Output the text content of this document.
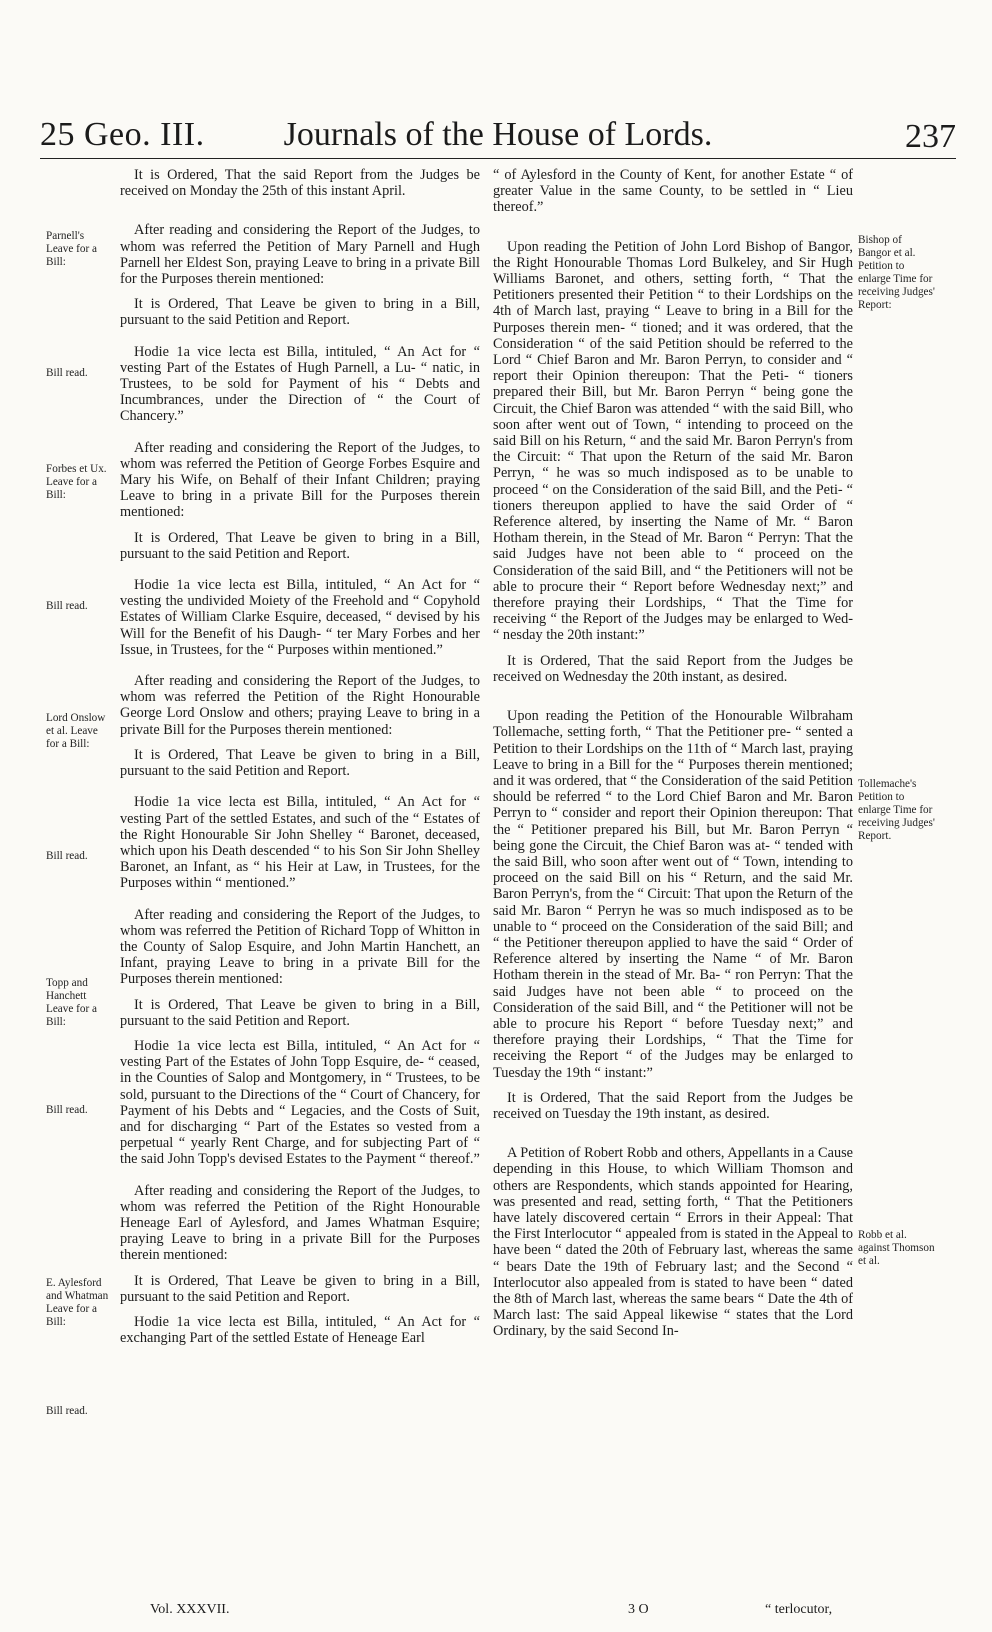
25 Geo. III.	Journals of the House of Lords.	237
Parnell's Leave for a Bill:
Bill read.
Forbes et Ux. Leave for a Bill:
Bill read.
Lord Onslow et al. Leave for a Bill:
Bill read.
Topp and Hanchett Leave for a Bill:
Bill read.
E. Aylesford and Whatman Leave for a Bill:
Bill read.
Bishop of Bangor et al. Petition to enlarge Time for receiving Judges' Report:
Tollemache's Petition to enlarge Time for receiving Judges' Report.
Robb et al. against Thomson et al.

It is Ordered, That the said Report from the Judges be received on Monday the 25th of this instant April.

After reading and considering the Report of the Judges, to whom was referred the Petition of Mary Parnell and Hugh Parnell her Eldest Son, praying Leave to bring in a private Bill for the Purposes therein mentioned:

It is Ordered, That Leave be given to bring in a Bill, pursuant to the said Petition and Report.

Hodie 1a vice lecta est Billa, intituled, “ An Act for “ vesting Part of the Estates of Hugh Parnell, a Lu- “ natic, in Trustees, to be sold for Payment of his “ Debts and Incumbrances, under the Direction of “ the Court of Chancery.”

After reading and considering the Report of the Judges, to whom was referred the Petition of George Forbes Esquire and Mary his Wife, on Behalf of their Infant Children; praying Leave to bring in a private Bill for the Purposes therein mentioned:

It is Ordered, That Leave be given to bring in a Bill, pursuant to the said Petition and Report.

Hodie 1a vice lecta est Billa, intituled, “ An Act for “ vesting the undivided Moiety of the Freehold and “ Copyhold Estates of William Clarke Esquire, deceased, “ devised by his Will for the Benefit of his Daugh- “ ter Mary Forbes and her Issue, in Trustees, for the “ Purposes within mentioned.”

After reading and considering the Report of the Judges, to whom was referred the Petition of the Right Honourable George Lord Onslow and others; praying Leave to bring in a private Bill for the Purposes therein mentioned:

It is Ordered, That Leave be given to bring in a Bill, pursuant to the said Petition and Report.

Hodie 1a vice lecta est Billa, intituled, “ An Act for “ vesting Part of the settled Estates, and such of the “ Estates of the Right Honourable Sir John Shelley “ Baronet, deceased, which upon his Death descended “ to his Son Sir John Shelley Baronet, an Infant, as “ his Heir at Law, in Trustees, for the Purposes within “ mentioned.”

After reading and considering the Report of the Judges, to whom was referred the Petition of Richard Topp of Whitton in the County of Salop Esquire, and John Martin Hanchett, an Infant, praying Leave to bring in a private Bill for the Purposes therein mentioned:

It is Ordered, That Leave be given to bring in a Bill, pursuant to the said Petition and Report.

Hodie 1a vice lecta est Billa, intituled, “ An Act for “ vesting Part of the Estates of John Topp Esquire, de- “ ceased, in the Counties of Salop and Montgomery, in “ Trustees, to be sold, pursuant to the Directions of the “ Court of Chancery, for Payment of his Debts and “ Legacies, and the Costs of Suit, and for discharging “ Part of the Estates so vested from a perpetual “ yearly Rent Charge, and for subjecting Part of “ the said John Topp's devised Estates to the Payment “ thereof.”

After reading and considering the Report of the Judges, to whom was referred the Petition of the Right Honourable Heneage Earl of Aylesford, and James Whatman Esquire; praying Leave to bring in a private Bill for the Purposes therein mentioned:

It is Ordered, That Leave be given to bring in a Bill, pursuant to the said Petition and Report.

Hodie 1a vice lecta est Billa, intituled, “ An Act for “ exchanging Part of the settled Estate of Heneage Earl

“ of Aylesford in the County of Kent, for another Estate “ of greater Value in the same County, to be settled in “ Lieu thereof.”

Upon reading the Petition of John Lord Bishop of Bangor, the Right Honourable Thomas Lord Bulkeley, and Sir Hugh Williams Baronet, and others, setting forth, “ That the Petitioners presented their Petition “ to their Lordships on the 4th of March last, praying “ Leave to bring in a Bill for the Purposes therein men- “ tioned; and it was ordered, that the Consideration “ of the said Petition should be referred to the Lord “ Chief Baron and Mr. Baron Perryn, to consider and “ report their Opinion thereupon: That the Peti- “ tioners prepared their Bill, but Mr. Baron Perryn “ being gone the Circuit, the Chief Baron was attended “ with the said Bill, who soon after went out of Town, “ intending to proceed on the said Bill on his Return, “ and the said Mr. Baron Perryn's from the Circuit: “ That upon the Return of the said Mr. Baron Perryn, “ he was so much indisposed as to be unable to proceed “ on the Consideration of the said Bill, and the Peti- “ tioners thereupon applied to have the said Order of “ Reference altered, by inserting the Name of Mr. “ Baron Hotham therein, in the Stead of Mr. Baron “ Perryn: That the said Judges have not been able to “ proceed on the Consideration of the said Bill, and “ the Petitioners will not be able to procure their “ Report before Wednesday next;” and therefore praying their Lordships, “ That the Time for receiving “ the Report of the Judges may be enlarged to Wed- “ nesday the 20th instant:”

It is Ordered, That the said Report from the Judges be received on Wednesday the 20th instant, as desired.

Upon reading the Petition of the Honourable Wilbraham Tollemache, setting forth, “ That the Petitioner pre- “ sented a Petition to their Lordships on the 11th of “ March last, praying Leave to bring in a Bill for the “ Purposes therein mentioned; and it was ordered, that “ the Consideration of the said Petition should be referred “ to the Lord Chief Baron and Mr. Baron Perryn to “ consider and report their Opinion thereupon: That the “ Petitioner prepared his Bill, but Mr. Baron Perryn “ being gone the Circuit, the Chief Baron was at- “ tended with the said Bill, who soon after went out of “ Town, intending to proceed on the said Bill on his “ Return, and the said Mr. Baron Perryn's, from the “ Circuit: That upon the Return of the said Mr. Baron “ Perryn he was so much indisposed as to be unable to “ proceed on the Consideration of the said Bill; and “ the Petitioner thereupon applied to have the said “ Order of Reference altered by inserting the Name “ of Mr. Baron Hotham therein in the stead of Mr. Ba- “ ron Perryn: That the said Judges have not been able “ to proceed on the Consideration of the said Bill, and “ the Petitioner will not be able to procure his Report “ before Tuesday next;” and therefore praying their Lordships, “ That the Time for receiving the Report “ of the Judges may be enlarged to Tuesday the 19th “ instant:”

It is Ordered, That the said Report from the Judges be received on Tuesday the 19th instant, as desired.

A Petition of Robert Robb and others, Appellants in a Cause depending in this House, to which William Thomson and others are Respondents, which stands appointed for Hearing, was presented and read, setting forth, “ That the Petitioners have lately discovered certain “ Errors in their Appeal: That the First Interlocutor “ appealed from is stated in the Appeal to have been “ dated the 20th of February last, whereas the same “ bears Date the 19th of February last; and the Second “ Interlocutor also appealed from is stated to have been “ dated the 8th of March last, whereas the same bears “ Date the 4th of March last: The said Appeal likewise “ states that the Lord Ordinary, by the said Second In-

Vol. XXXVII.	3 O	“ terlocutor,
